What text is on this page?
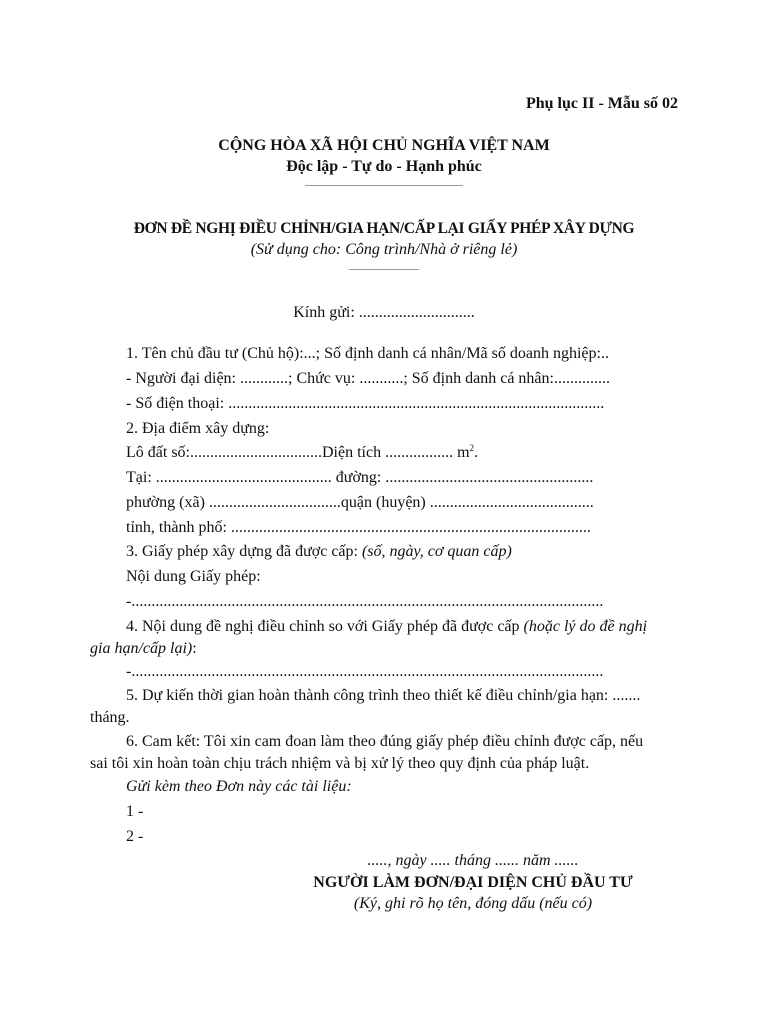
Phụ lục II - Mẫu số 02
CỘNG HÒA XÃ HỘI CHỦ NGHĨA VIỆT NAM
Độc lập - Tự do - Hạnh phúc
ĐƠN ĐỀ NGHỊ ĐIỀU CHỈNH/GIA HẠN/CẤP LẠI GIẤY PHÉP XÂY DỰNG
(Sử dụng cho: Công trình/Nhà ở riêng lẻ)
Kính gửi: .............................
1. Tên chủ đầu tư (Chủ hộ):...; Số định danh cá nhân/Mã số doanh nghiệp:..
- Người đại diện: ............; Chức vụ: ...........; Số định danh cá nhân:..............
- Số điện thoại: ..............................................................................................
2. Địa điểm xây dựng:
Lô đất số:.................................Diện tích ................. $m^2$.
Tại: ............................................ đường: ....................................................
phường (xã) .................................quận (huyện) .........................................
tỉnh, thành phố: ..........................................................................................
3. Giấy phép xây dựng đã được cấp: (số, ngày, cơ quan cấp)
Nội dung Giấy phép:
-......................................................................................................................
4. Nội dung đề nghị điều chỉnh so với Giấy phép đã được cấp (hoặc lý do đề nghị gia hạn/cấp lại):
-......................................................................................................................
5. Dự kiến thời gian hoàn thành công trình theo thiết kế điều chỉnh/gia hạn: ....... tháng.
6. Cam kết: Tôi xin cam đoan làm theo đúng giấy phép điều chỉnh được cấp, nếu sai tôi xin hoàn toàn chịu trách nhiệm và bị xử lý theo quy định của pháp luật.
Gửi kèm theo Đơn này các tài liệu:
1 -
2 -
....., ngày ..... tháng ...... năm ......
NGƯỜI LÀM ĐƠN/ĐẠI DIỆN CHỦ ĐẦU TƯ
(Ký, ghi rõ họ tên, đóng dấu (nếu có)
